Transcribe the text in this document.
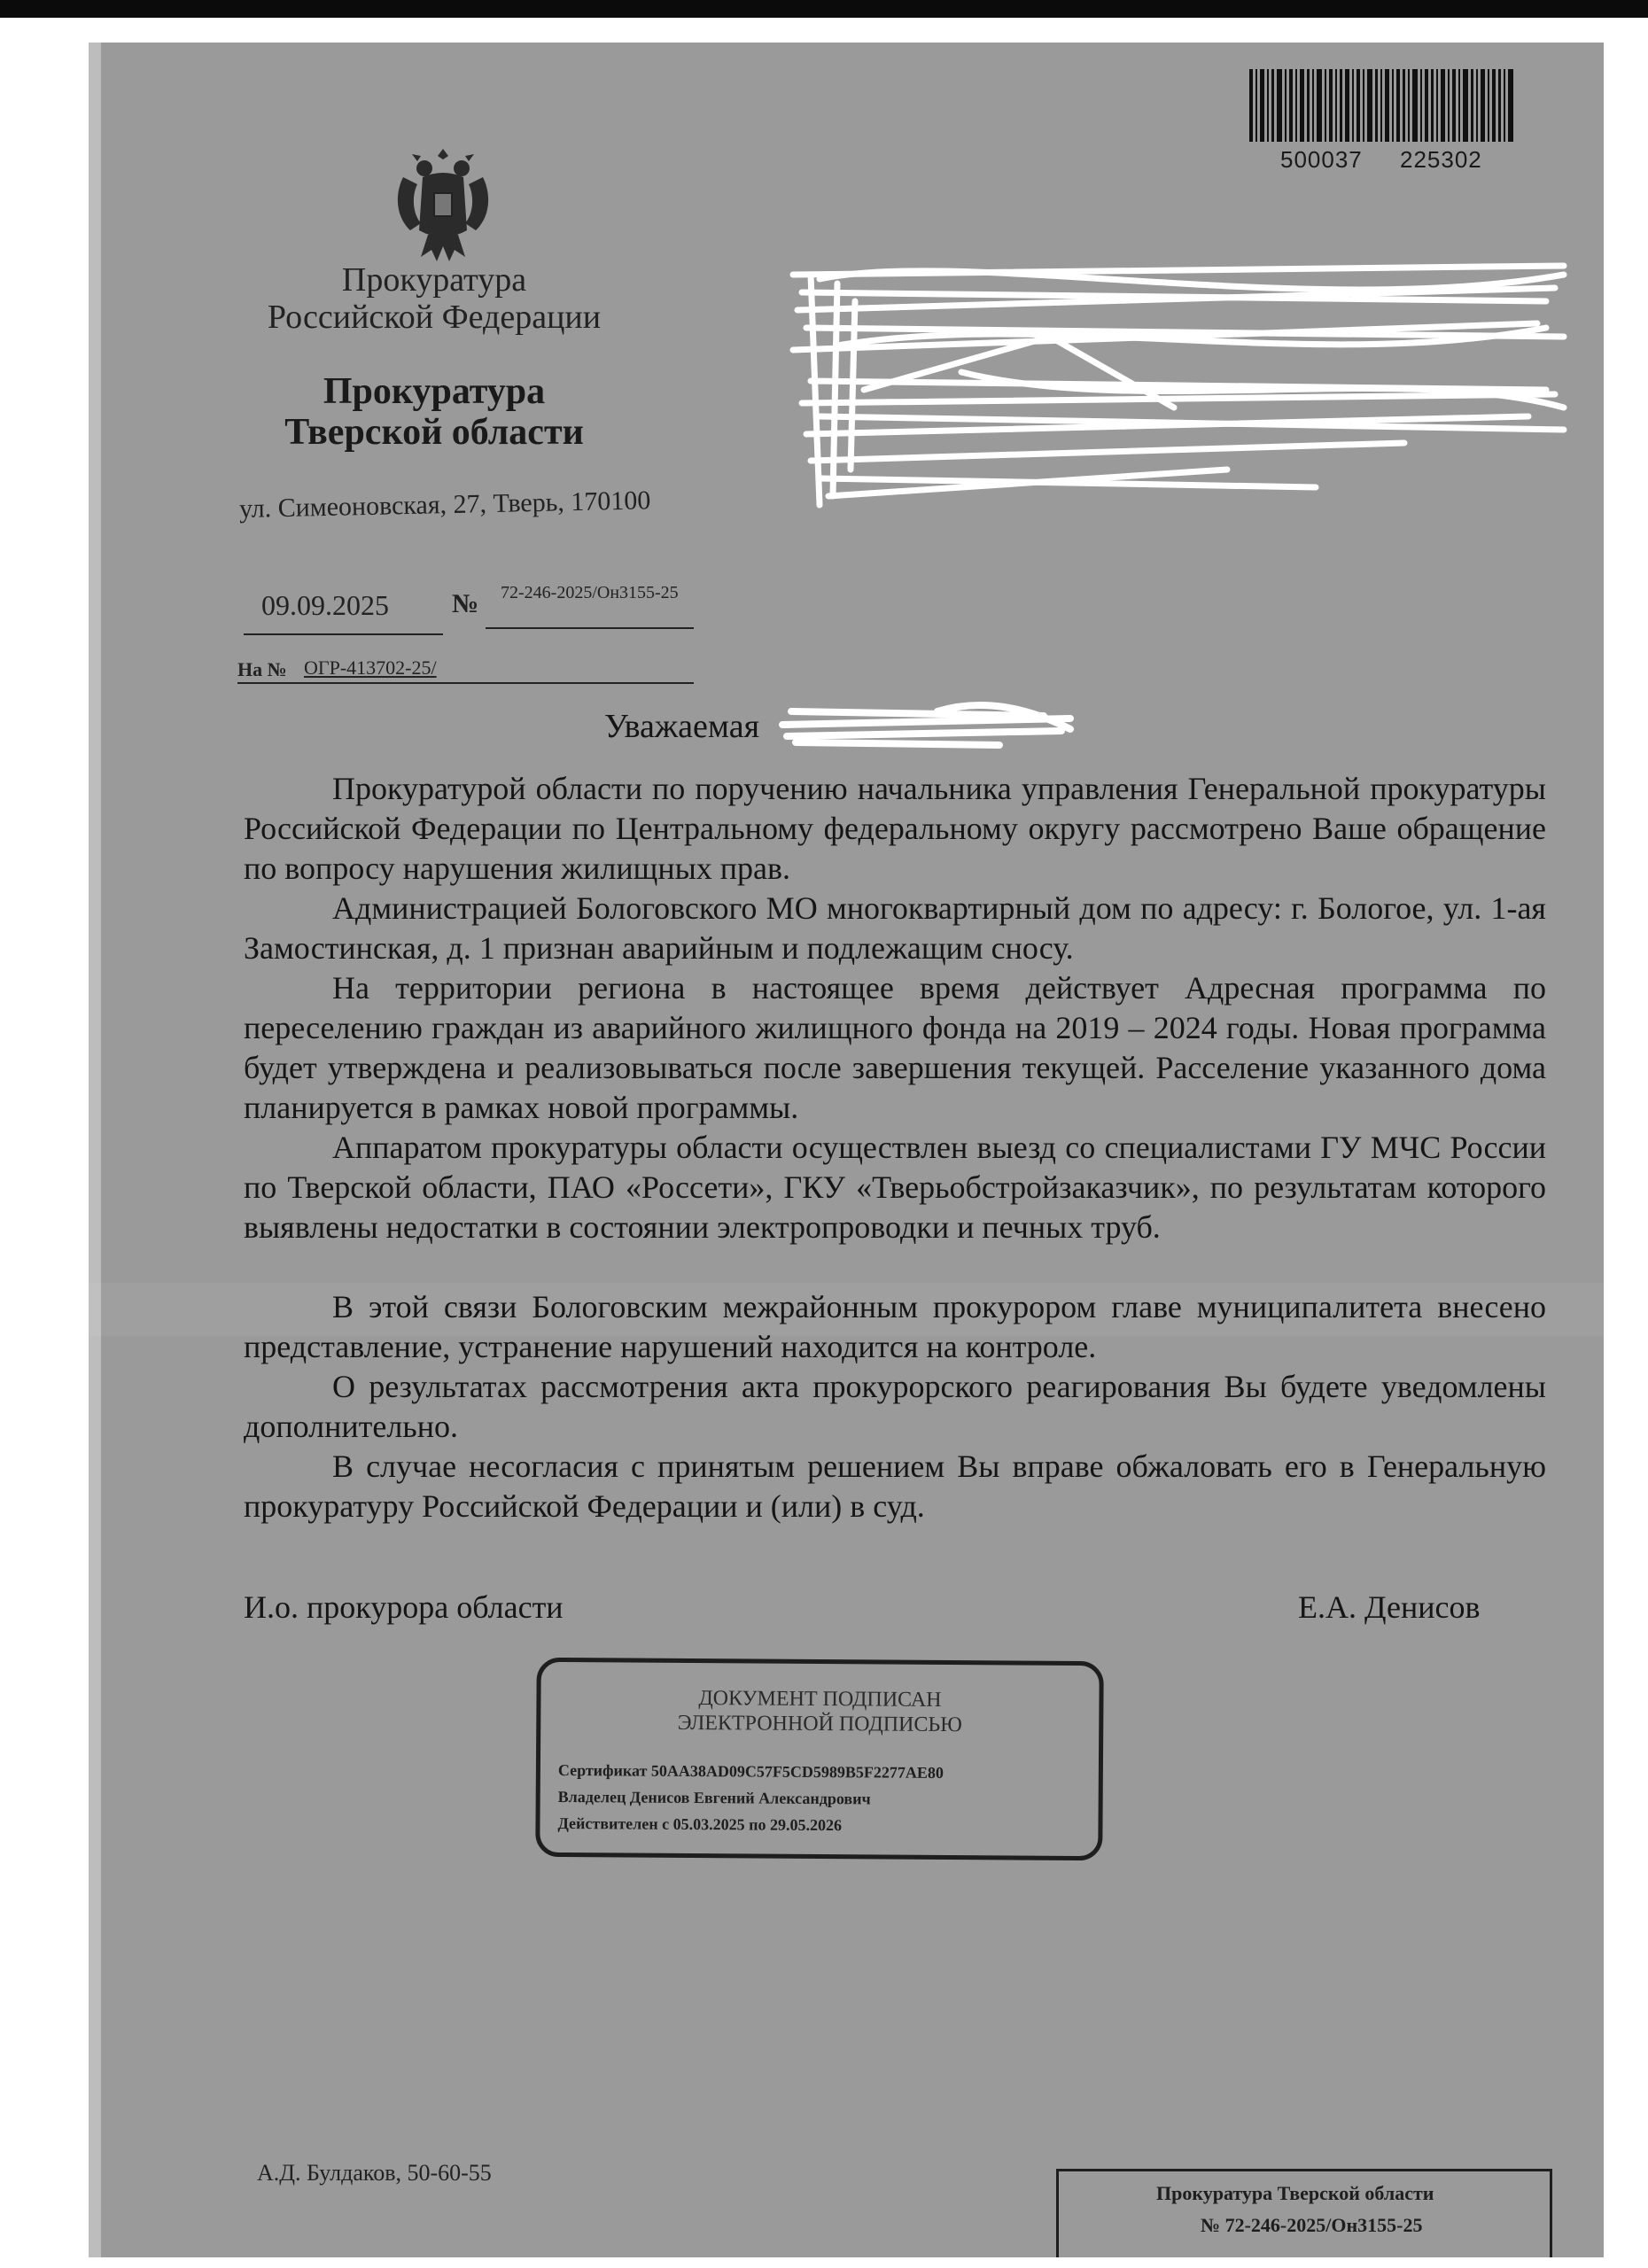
500037 225302
Прокуратура
Российской Федерации
Прокуратура
Тверской области
ул. Симеоновская, 27, Тверь, 170100
09.09.2025 № 72-246-2025/Он3155-25
На № ОГР-413702-25/
Уважаемая
Прокуратурой области по поручению начальника управления Генеральной прокуратуры Российской Федерации по Центральному федеральному округу рассмотрено Ваше обращение по вопросу нарушения жилищных прав.
Администрацией Бологовского МО многоквартирный дом по адресу: г. Бологое, ул. 1-ая Замостинская, д. 1 признан аварийным и подлежащим сносу.
На территории региона в настоящее время действует Адресная программа по переселению граждан из аварийного жилищного фонда на 2019 – 2024 годы. Новая программа будет утверждена и реализовываться после завершения текущей. Расселение указанного дома планируется в рамках новой программы.
Аппаратом прокуратуры области осуществлен выезд со специалистами ГУ МЧС России по Тверской области, ПАО «Россети», ГКУ «Тверьобстройзаказчик», по результатам которого выявлены недостатки в состоянии электропроводки и печных труб.
В этой связи Бологовским межрайонным прокурором главе муниципалитета внесено представление, устранение нарушений находится на контроле.
О результатах рассмотрения акта прокурорского реагирования Вы будете уведомлены дополнительно.
В случае несогласия с принятым решением Вы вправе обжаловать его в Генеральную прокуратуру Российской Федерации и (или) в суд.
И.о. прокурора области	Е.А. Денисов
ДОКУМЕНТ ПОДПИСАН
ЭЛЕКТРОННОЙ ПОДПИСЬЮ
Сертификат 50AA38AD09C57F5CD5989B5F2277AE80
Владелец Денисов Евгений Александрович
Действителен с 05.03.2025 по 29.05.2026
А.Д. Булдаков, 50-60-55
Прокуратура Тверской области
№ 72-246-2025/Он3155-25
